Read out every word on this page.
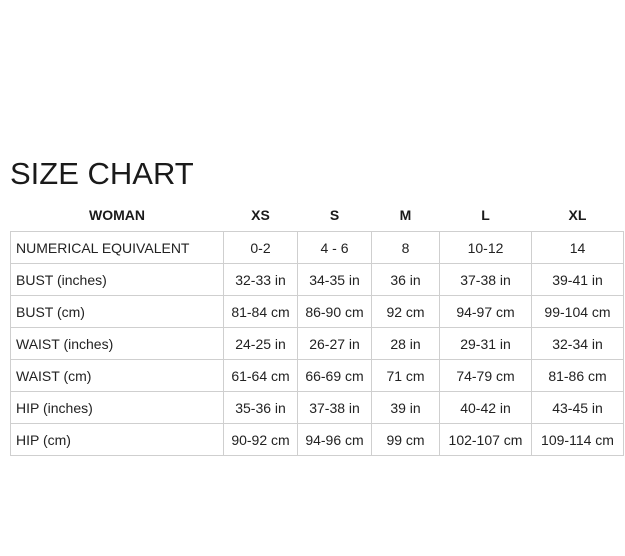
SIZE CHART
WOMAN	XS	S	M	L	XL
NUMERICAL EQUIVALENT	0-2	4 - 6	8	10-12	14
BUST (inches)	32-33 in	34-35 in	36 in	37-38 in	39-41 in
BUST (cm)	81-84 cm	86-90 cm	92 cm	94-97 cm	99-104 cm
WAIST (inches)	24-25 in	26-27 in	28 in	29-31 in	32-34 in
WAIST (cm)	61-64 cm	66-69 cm	71 cm	74-79 cm	81-86 cm
HIP (inches)	35-36 in	37-38 in	39 in	40-42 in	43-45 in
HIP (cm)	90-92 cm	94-96 cm	99 cm	102-107 cm	109-114 cm
